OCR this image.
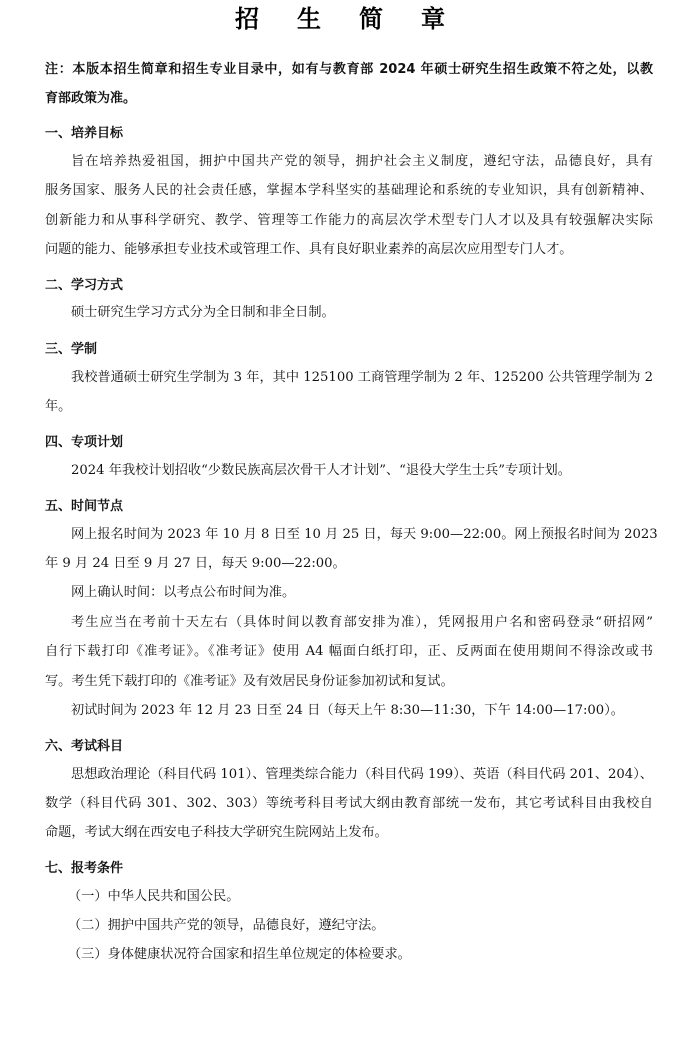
招 生 简 章
注：本版本招生简章和招生专业目录中，如有与教育部 2024 年硕士研究生招生政策不符之处，以教
育部政策为准。
一、培养目标
旨在培养热爱祖国，拥护中国共产党的领导，拥护社会主义制度，遵纪守法，品德良好，具有
服务国家、服务人民的社会责任感，掌握本学科坚实的基础理论和系统的专业知识，具有创新精神、
创新能力和从事科学研究、教学、管理等工作能力的高层次学术型专门人才以及具有较强解决实际
问题的能力、能够承担专业技术或管理工作、具有良好职业素养的高层次应用型专门人才。
二、学习方式
硕士研究生学习方式分为全日制和非全日制。
三、学制
我校普通硕士研究生学制为 3 年，其中 125100 工商管理学制为 2 年、125200 公共管理学制为 2
年。
四、专项计划
2024 年我校计划招收“少数民族高层次骨干人才计划”、“退役大学生士兵”专项计划。
五、时间节点
网上报名时间为 2023 年 10 月 8 日至 10 月 25 日，每天 9:00—22:00。网上预报名时间为 2023
年 9 月 24 日至 9 月 27 日，每天 9:00—22:00。
网上确认时间：以考点公布时间为准。
考生应当在考前十天左右（具体时间以教育部安排为准），凭网报用户名和密码登录“研招网”
自行下载打印《准考证》。《准考证》使用 A4 幅面白纸打印，正、反两面在使用期间不得涂改或书
写。考生凭下载打印的《准考证》及有效居民身份证参加初试和复试。
初试时间为 2023 年 12 月 23 日至 24 日（每天上午 8:30—11:30，下午 14:00—17:00）。
六、考试科目
思想政治理论（科目代码 101）、管理类综合能力（科目代码 199）、英语（科目代码 201、204）、
数学（科目代码 301、302、303）等统考科目考试大纲由教育部统一发布，其它考试科目由我校自
命题，考试大纲在西安电子科技大学研究生院网站上发布。
七、报考条件
（一）中华人民共和国公民。
（二）拥护中国共产党的领导，品德良好，遵纪守法。
（三）身体健康状况符合国家和招生单位规定的体检要求。
